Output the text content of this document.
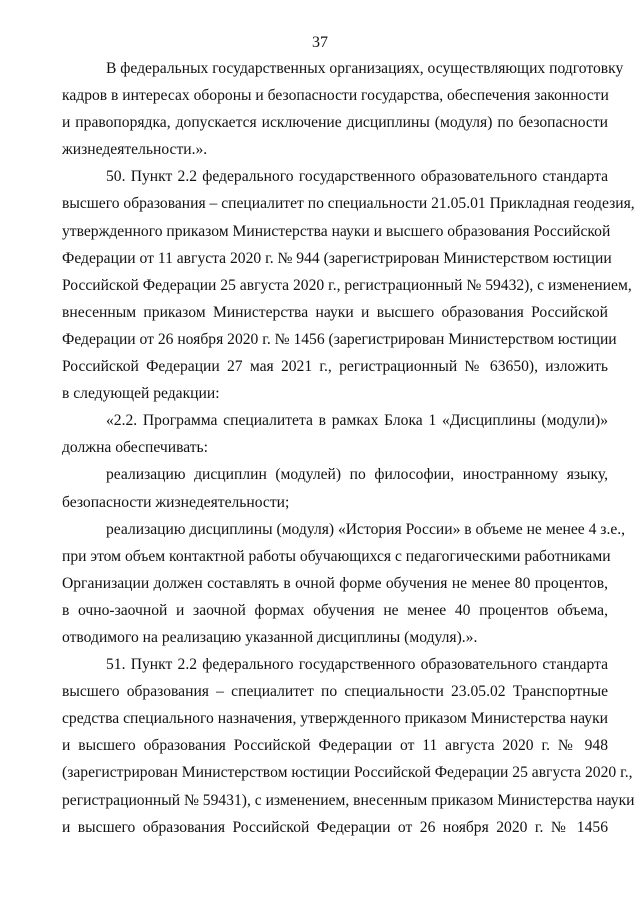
37
В федеральных государственных организациях, осуществляющих подготовку
кадров в интересах обороны и безопасности государства, обеспечения законности
и правопорядка, допускается исключение дисциплины (модуля) по безопасности
жизнедеятельности.».
50. Пункт 2.2 федерального государственного образовательного стандарта
высшего образования – специалитет по специальности 21.05.01 Прикладная геодезия,
утвержденного приказом Министерства науки и высшего образования Российской
Федерации от 11 августа 2020 г. № 944 (зарегистрирован Министерством юстиции
Российской Федерации 25 августа 2020 г., регистрационный № 59432), с изменением,
внесенным приказом Министерства науки и высшего образования Российской
Федерации от 26 ноября 2020 г. № 1456 (зарегистрирован Министерством юстиции
Российской Федерации 27 мая 2021 г., регистрационный № 63650), изложить
в следующей редакции:
«2.2. Программа специалитета в рамках Блока 1 «Дисциплины (модули)»
должна обеспечивать:
реализацию дисциплин (модулей) по философии, иностранному языку,
безопасности жизнедеятельности;
реализацию дисциплины (модуля) «История России» в объеме не менее 4 з.е.,
при этом объем контактной работы обучающихся с педагогическими работниками
Организации должен составлять в очной форме обучения не менее 80 процентов,
в очно-заочной и заочной формах обучения не менее 40 процентов объема,
отводимого на реализацию указанной дисциплины (модуля).».
51. Пункт 2.2 федерального государственного образовательного стандарта
высшего образования – специалитет по специальности 23.05.02 Транспортные
средства специального назначения, утвержденного приказом Министерства науки
и высшего образования Российской Федерации от 11 августа 2020 г. № 948
(зарегистрирован Министерством юстиции Российской Федерации 25 августа 2020 г.,
регистрационный № 59431), с изменением, внесенным приказом Министерства науки
и высшего образования Российской Федерации от 26 ноября 2020 г. № 1456
